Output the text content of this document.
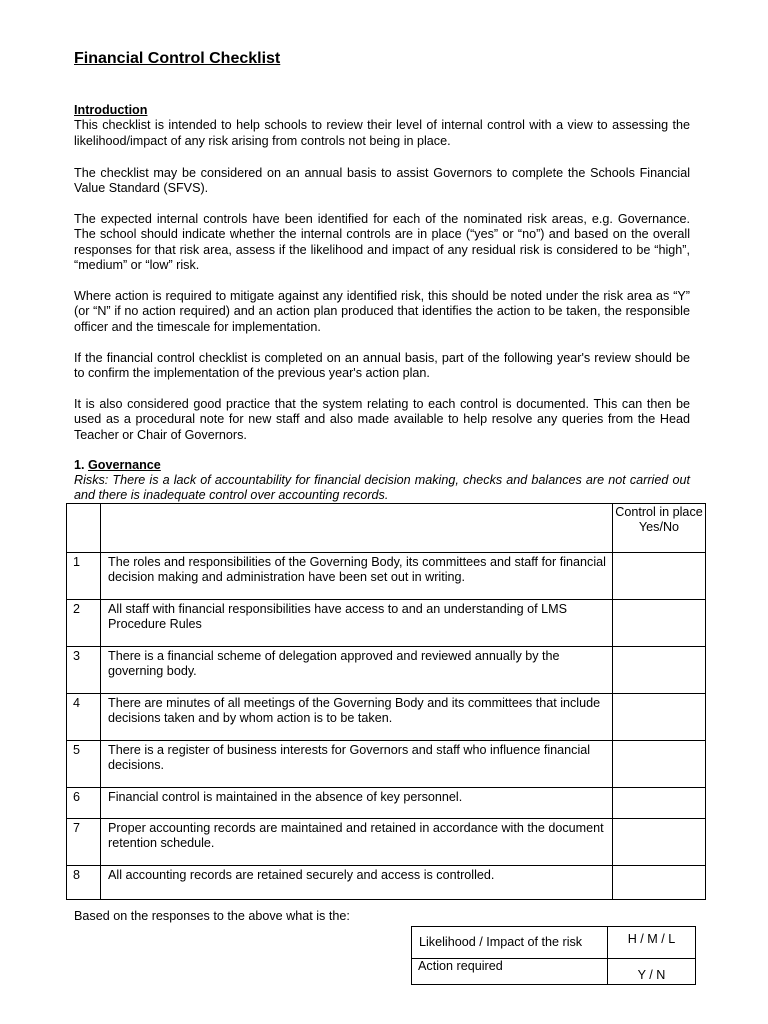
Financial Control Checklist
Introduction
This checklist is intended to help schools to review their level of internal control with a view to assessing the likelihood/impact of any risk arising from controls not being in place.
The checklist may be considered on an annual basis to assist Governors to complete the Schools Financial Value Standard (SFVS).
The expected internal controls have been identified for each of the nominated risk areas, e.g. Governance. The school should indicate whether the internal controls are in place (“yes” or “no”) and based on the overall responses for that risk area, assess if the likelihood and impact of any residual risk is considered to be “high”, “medium” or “low” risk.
Where action is required to mitigate against any identified risk, this should be noted under the risk area as “Y” (or “N” if no action required) and an action plan produced that identifies the action to be taken, the responsible officer and the timescale for implementation.
If the financial control checklist is completed on an annual basis, part of the following year's review should be to confirm the implementation of the previous year's action plan.
It is also considered good practice that the system relating to each control is documented. This can then be used as a procedural note for new staff and also made available to help resolve any queries from the Head Teacher or Chair of Governors.
1. Governance
Risks: There is a lack of accountability for financial decision making, checks and balances are not carried out and there is inadequate control over accounting records.
		Control in place Yes/No
1	The roles and responsibilities of the Governing Body, its committees and staff for financial decision making and administration have been set out in writing.	
2	All staff with financial responsibilities have access to and an understanding of LMS Procedure Rules	
3	There is a financial scheme of delegation approved and reviewed annually by the governing body.	
4	There are minutes of all meetings of the Governing Body and its committees that include decisions taken and by whom action is to be taken.	
5	There is a register of business interests for Governors and staff who influence financial decisions.	
6	Financial control is maintained in the absence of key personnel.	
7	Proper accounting records are maintained and retained in accordance with the document retention schedule.	
8	All accounting records are retained securely and access is controlled.	
Based on the responses to the above what is the:
Likelihood / Impact of the risk	H / M / L
Action required	Y / N
